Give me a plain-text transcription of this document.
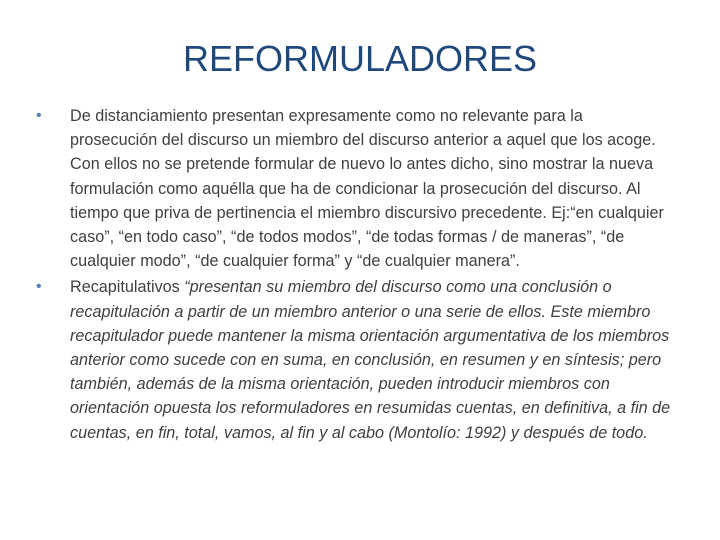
REFORMULADORES
•	De distanciamiento presentan expresamente como no relevante para la prosecución del discurso un miembro del discurso anterior a aquel que los acoge. Con ellos no se pretende formular de nuevo lo antes dicho, sino mostrar la nueva formulación como aquélla que ha de condicionar la prosecución del discurso. Al tiempo que priva de pertinencia el miembro discursivo precedente. Ej:“en cualquier caso”, “en todo caso”, “de todos modos”, “de todas formas / de maneras”, “de cualquier modo”, “de cualquier forma” y “de cualquier manera”.
•	Recapitulativos “presentan su miembro del discurso como una conclusión o recapitulación a partir de un miembro anterior o una serie de ellos. Este miembro recapitulador puede mantener la misma orientación argumentativa de los miembros anterior como sucede con en suma, en conclusión, en resumen y en síntesis; pero también, además de la misma orientación, pueden introducir miembros con orientación opuesta los reformuladores en resumidas cuentas, en definitiva, a fin de cuentas, en fin, total, vamos, al fin y al cabo (Montolío: 1992) y después de todo.
